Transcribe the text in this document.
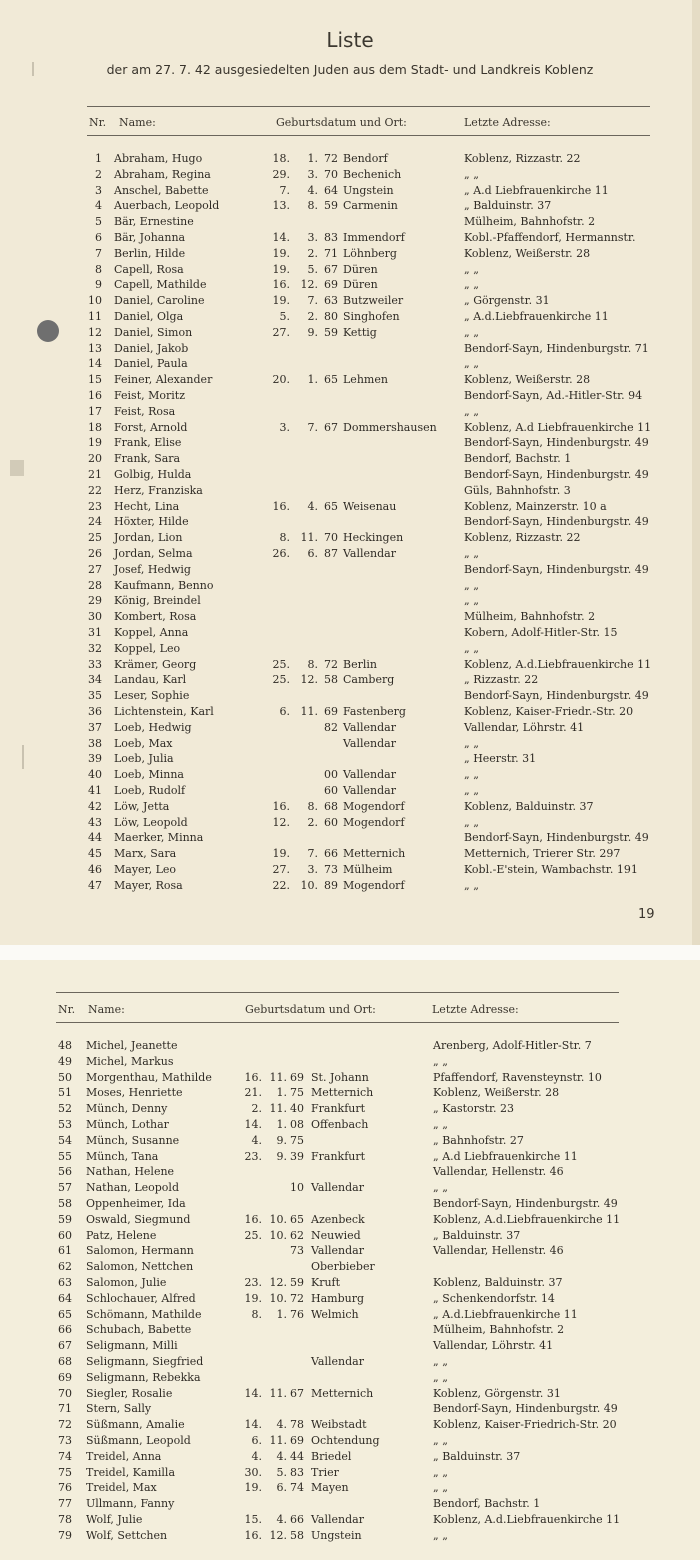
Liste
der am 27. 7. 42 ausgesiedelten Juden aus dem Stadt- und Landkreis Koblenz
Nr. Name:	Geburtsdatum und Ort:	Letzte Adresse:
1 Abraham, Hugo	18.	1. 72 Bendorf	Koblenz, Rizzastr. 22
2 Abraham, Regina	29.	3. 70 Bechenich	„ „
3 Anschel, Babette	7.	4. 64 Ungstein	„ A.d Liebfrauenkirche 11
4 Auerbach, Leopold	13.	8. 59 Carmenin	„ Balduinstr. 37
5 Bär, Ernestine	Mülheim, Bahnhofstr. 2
6 Bär, Johanna	14.	3. 83 Immendorf	Kobl.-Pfaffendorf, Hermannstr.
7 Berlin, Hilde	19.	2. 71 Löhnberg	Koblenz, Weißerstr. 28
8 Capell, Rosa	19.	5. 67 Düren	„ „
9 Capell, Mathilde	16. 12. 69 Düren	„ „
10 Daniel, Caroline	19.	7. 63 Butzweiler	„ Görgenstr. 31
11 Daniel, Olga	5.	2. 80 Singhofen	„ A.d.Liebfrauenkirche 11
12 Daniel, Simon	27.	9. 59 Kettig	„ „
13 Daniel, Jakob	Bendorf-Sayn, Hindenburgstr. 71
14 Daniel, Paula	„ „
15 Feiner, Alexander	20.	1. 65 Lehmen	Koblenz, Weißerstr. 28
16 Feist, Moritz	Bendorf-Sayn, Ad.-Hitler-Str. 94
17 Feist, Rosa	„ „
18 Forst, Arnold	3.	7. 67 Dommershausen	Koblenz, A.d Liebfrauenkirche 11
19 Frank, Elise	Bendorf-Sayn, Hindenburgstr. 49
20 Frank, Sara	Bendorf, Bachstr. 1
21 Golbig, Hulda	Bendorf-Sayn, Hindenburgstr. 49
22 Herz, Franziska	Güls, Bahnhofstr. 3
23 Hecht, Lina	16.	4. 65 Weisenau	Koblenz, Mainzerstr. 10 a
24 Höxter, Hilde	Bendorf-Sayn, Hindenburgstr. 49
25 Jordan, Lion	8. 11. 70 Heckingen	Koblenz, Rizzastr. 22
26 Jordan, Selma	26.	6. 87 Vallendar	„ „
27 Josef, Hedwig	Bendorf-Sayn, Hindenburgstr. 49
28 Kaufmann, Benno	„ „
29 König, Breindel	„ „
30 Kombert, Rosa	Mülheim, Bahnhofstr. 2
31 Koppel, Anna	Kobern, Adolf-Hitler-Str. 15
32 Koppel, Leo	„ „
33 Krämer, Georg	25.	8. 72 Berlin	Koblenz, A.d.Liebfrauenkirche 11
34 Landau, Karl	25. 12. 58 Camberg	„ Rizzastr. 22
35 Leser, Sophie	Bendorf-Sayn, Hindenburgstr. 49
36 Lichtenstein, Karl	6. 11. 69 Fastenberg	Koblenz, Kaiser-Friedr.-Str. 20
37 Loeb, Hedwig	82 Vallendar	Vallendar, Löhrstr. 41
38 Loeb, Max	Vallendar	„ „
39 Loeb, Julia	„ Heerstr. 31
40 Loeb, Minna	00 Vallendar	„ „
41 Loeb, Rudolf	60 Vallendar	„ „
42 Löw, Jetta	16.	8. 68 Mogendorf	Koblenz, Balduinstr. 37
43 Löw, Leopold	12.	2. 60 Mogendorf	„ „
44 Maerker, Minna	Bendorf-Sayn, Hindenburgstr. 49
45 Marx, Sara	19.	7. 66 Metternich	Metternich, Trierer Str. 297
46 Mayer, Leo	27.	3. 73 Mülheim	Kobl.-E'stein, Wambachstr. 191
47 Mayer, Rosa	22. 10. 89 Mogendorf	„ „
19
Nr. Name:	Geburtsdatum und Ort:	Letzte Adresse:
48 Michel, Jeanette	Arenberg, Adolf-Hitler-Str. 7
49 Michel, Markus	„ „
50 Morgenthau, Mathilde	16. 11. 69 St. Johann	Pfaffendorf, Ravensteynstr. 10
51 Moses, Henriette	21.	1. 75 Metternich	Koblenz, Weißerstr. 28
52 Münch, Denny	2. 11. 40 Frankfurt	„ Kastorstr. 23
53 Münch, Lothar	14.	1. 08 Offenbach	„ „
54 Münch, Susanne	4.	9. 75	„ Bahnhofstr. 27
55 Münch, Tana	23.	9. 39 Frankfurt	„ A.d Liebfrauenkirche 11
56 Nathan, Helene	Vallendar, Hellenstr. 46
57 Nathan, Leopold	10 Vallendar	„ „
58 Oppenheimer, Ida	Bendorf-Sayn, Hindenburgstr. 49
59 Oswald, Siegmund	16. 10. 65 Azenbeck	Koblenz, A.d.Liebfrauenkirche 11
60 Patz, Helene	25. 10. 62 Neuwied	„ Balduinstr. 37
61 Salomon, Hermann	73 Vallendar	Vallendar, Hellenstr. 46
62 Salomon, Nettchen	Oberbieber
63 Salomon, Julie	23. 12. 59 Kruft	Koblenz, Balduinstr. 37
64 Schlochauer, Alfred	19. 10. 72 Hamburg	„ Schenkendorfstr. 14
65 Schömann, Mathilde	8.	1. 76 Welmich	„ A.d.Liebfrauenkirche 11
66 Schubach, Babette	Mülheim, Bahnhofstr. 2
67 Seligmann, Milli	Vallendar, Löhrstr. 41
68 Seligmann, Siegfried	Vallendar	„ „
69 Seligmann, Rebekka	„ „
70 Siegler, Rosalie	14. 11. 67 Metternich	Koblenz, Görgenstr. 31
71 Stern, Sally	Bendorf-Sayn, Hindenburgstr. 49
72 Süßmann, Amalie	14.	4. 78 Weibstadt	Koblenz, Kaiser-Friedrich-Str. 20
73 Süßmann, Leopold	6. 11. 69 Ochtendung	„ „
74 Treidel, Anna	4.	4. 44 Briedel	„ Balduinstr. 37
75 Treidel, Kamilla	30.	5. 83 Trier	„ „
76 Treidel, Max	19.	6. 74 Mayen	„ „
77 Ullmann, Fanny	Bendorf, Bachstr. 1
78 Wolf, Julie	15.	4. 66 Vallendar	Koblenz, A.d.Liebfrauenkirche 11
79 Wolf, Settchen	16. 12. 58 Ungstein	„ „
